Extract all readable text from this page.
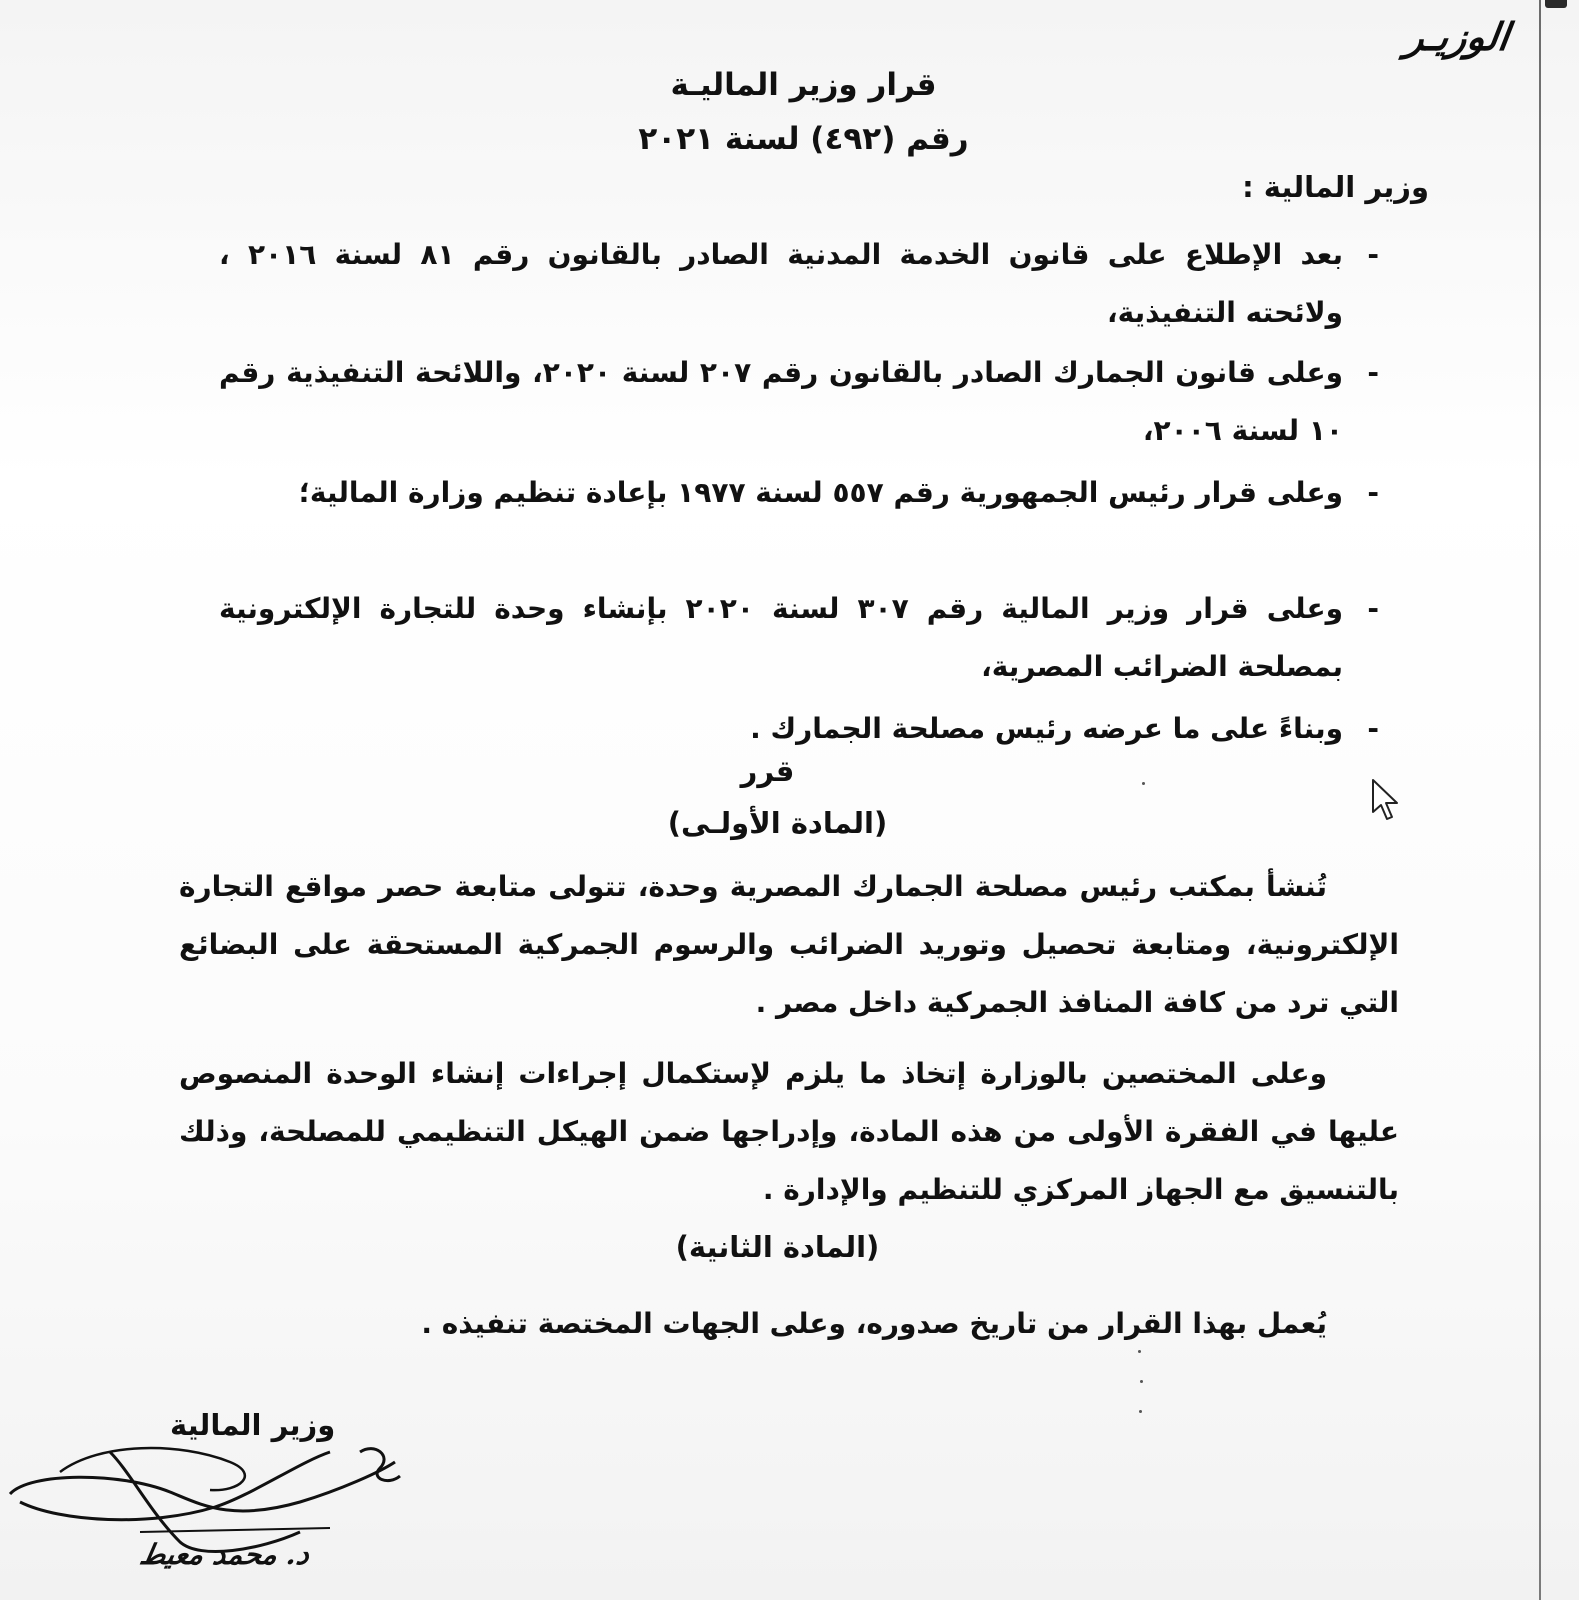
الوزيـر
قرار وزير الماليـة
رقم (٤٩٢) لسنة ٢٠٢١
وزير المالية :
-
بعد الإطلاع على قانون الخدمة المدنية الصادر بالقانون رقم ٨١ لسنة ٢٠١٦ ، ولائحته التنفيذية،
-
وعلى قانون الجمارك الصادر بالقانون رقم ٢٠٧ لسنة ٢٠٢٠، واللائحة التنفيذية رقم ١٠ لسنة ٢٠٠٦،
-
وعلى قرار رئيس الجمهورية رقم ٥٥٧ لسنة ١٩٧٧ بإعادة تنظيم وزارة المالية؛
-
وعلى قرار وزير المالية رقم ٣٠٧ لسنة ٢٠٢٠ بإنشاء وحدة للتجارة الإلكترونية بمصلحة الضرائب المصرية،
-
وبناءً على ما عرضه رئيس مصلحة الجمارك .
قرر
(المادة الأولـى)

تُنشأ بمكتب رئيس مصلحة الجمارك المصرية وحدة، تتولى متابعة حصر مواقع التجارة الإلكترونية، ومتابعة تحصيل وتوريد الضرائب والرسوم الجمركية المستحقة على البضائع التي ترد من كافة المنافذ الجمركية داخل مصر .

وعلى المختصين بالوزارة إتخاذ ما يلزم لإستكمال إجراءات إنشاء الوحدة المنصوص عليها في الفقرة الأولى من هذه المادة، وإدراجها ضمن الهيكل التنظيمي للمصلحة، وذلك بالتنسيق مع الجهاز المركزي للتنظيم والإدارة .

(المادة الثانية)

يُعمل بهذا القرار من تاريخ صدوره، وعلى الجهات المختصة تنفيذه .

وزير المالية
د. محمد معيط
